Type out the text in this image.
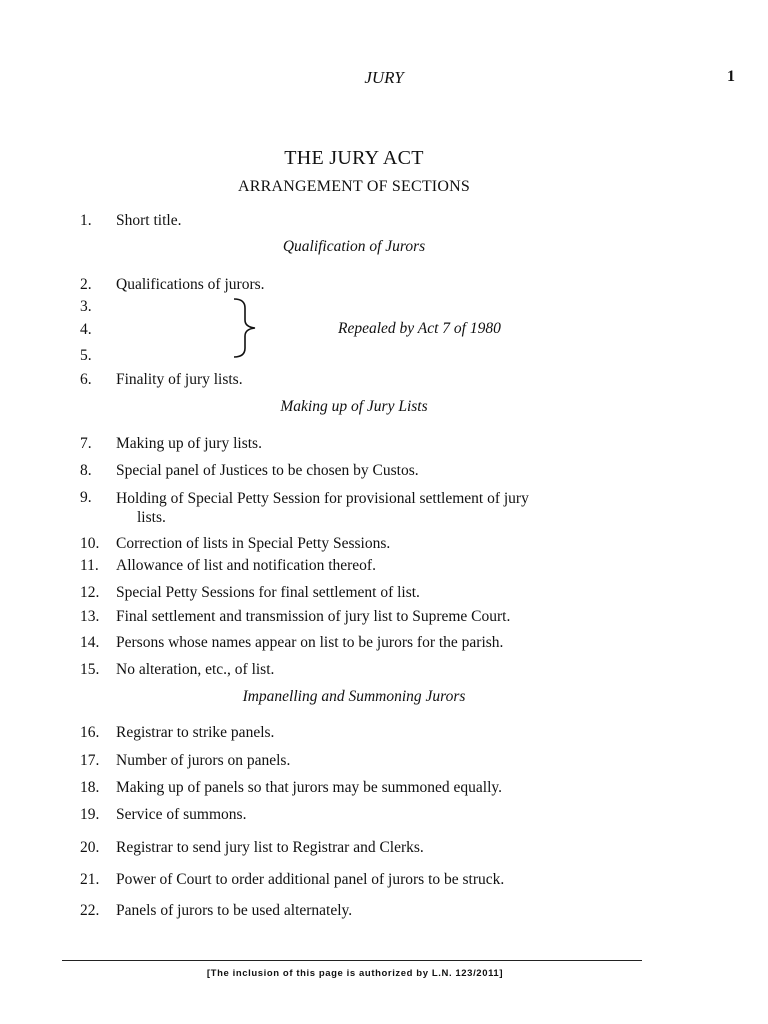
JURY	1
THE JURY ACT
ARRANGEMENT OF SECTIONS
1. Short title.
Qualification of Jurors
2. Qualifications of jurors.
3.
4.
5.
Repealed by Act 7 of 1980
6. Finality of jury lists.
Making up of Jury Lists
7. Making up of jury lists.
8. Special panel of Justices to be chosen by Custos.
9. Holding of Special Petty Session for provisional settlement of jury
lists.
10. Correction of lists in Special Petty Sessions.
11. Allowance of list and notification thereof.
12. Special Petty Sessions for final settlement of list.
13. Final settlement and transmission of jury list to Supreme Court.
14. Persons whose names appear on list to be jurors for the parish.
15. No alteration, etc., of list.
Impanelling and Summoning Jurors
16. Registrar to strike panels.
17. Number of jurors on panels.
18. Making up of panels so that jurors may be summoned equally.
19. Service of summons.
20. Registrar to send jury list to Registrar and Clerks.
21. Power of Court to order additional panel of jurors to be struck.
22. Panels of jurors to be used alternately.
[The inclusion of this page is authorized by L.N. 123/2011]
